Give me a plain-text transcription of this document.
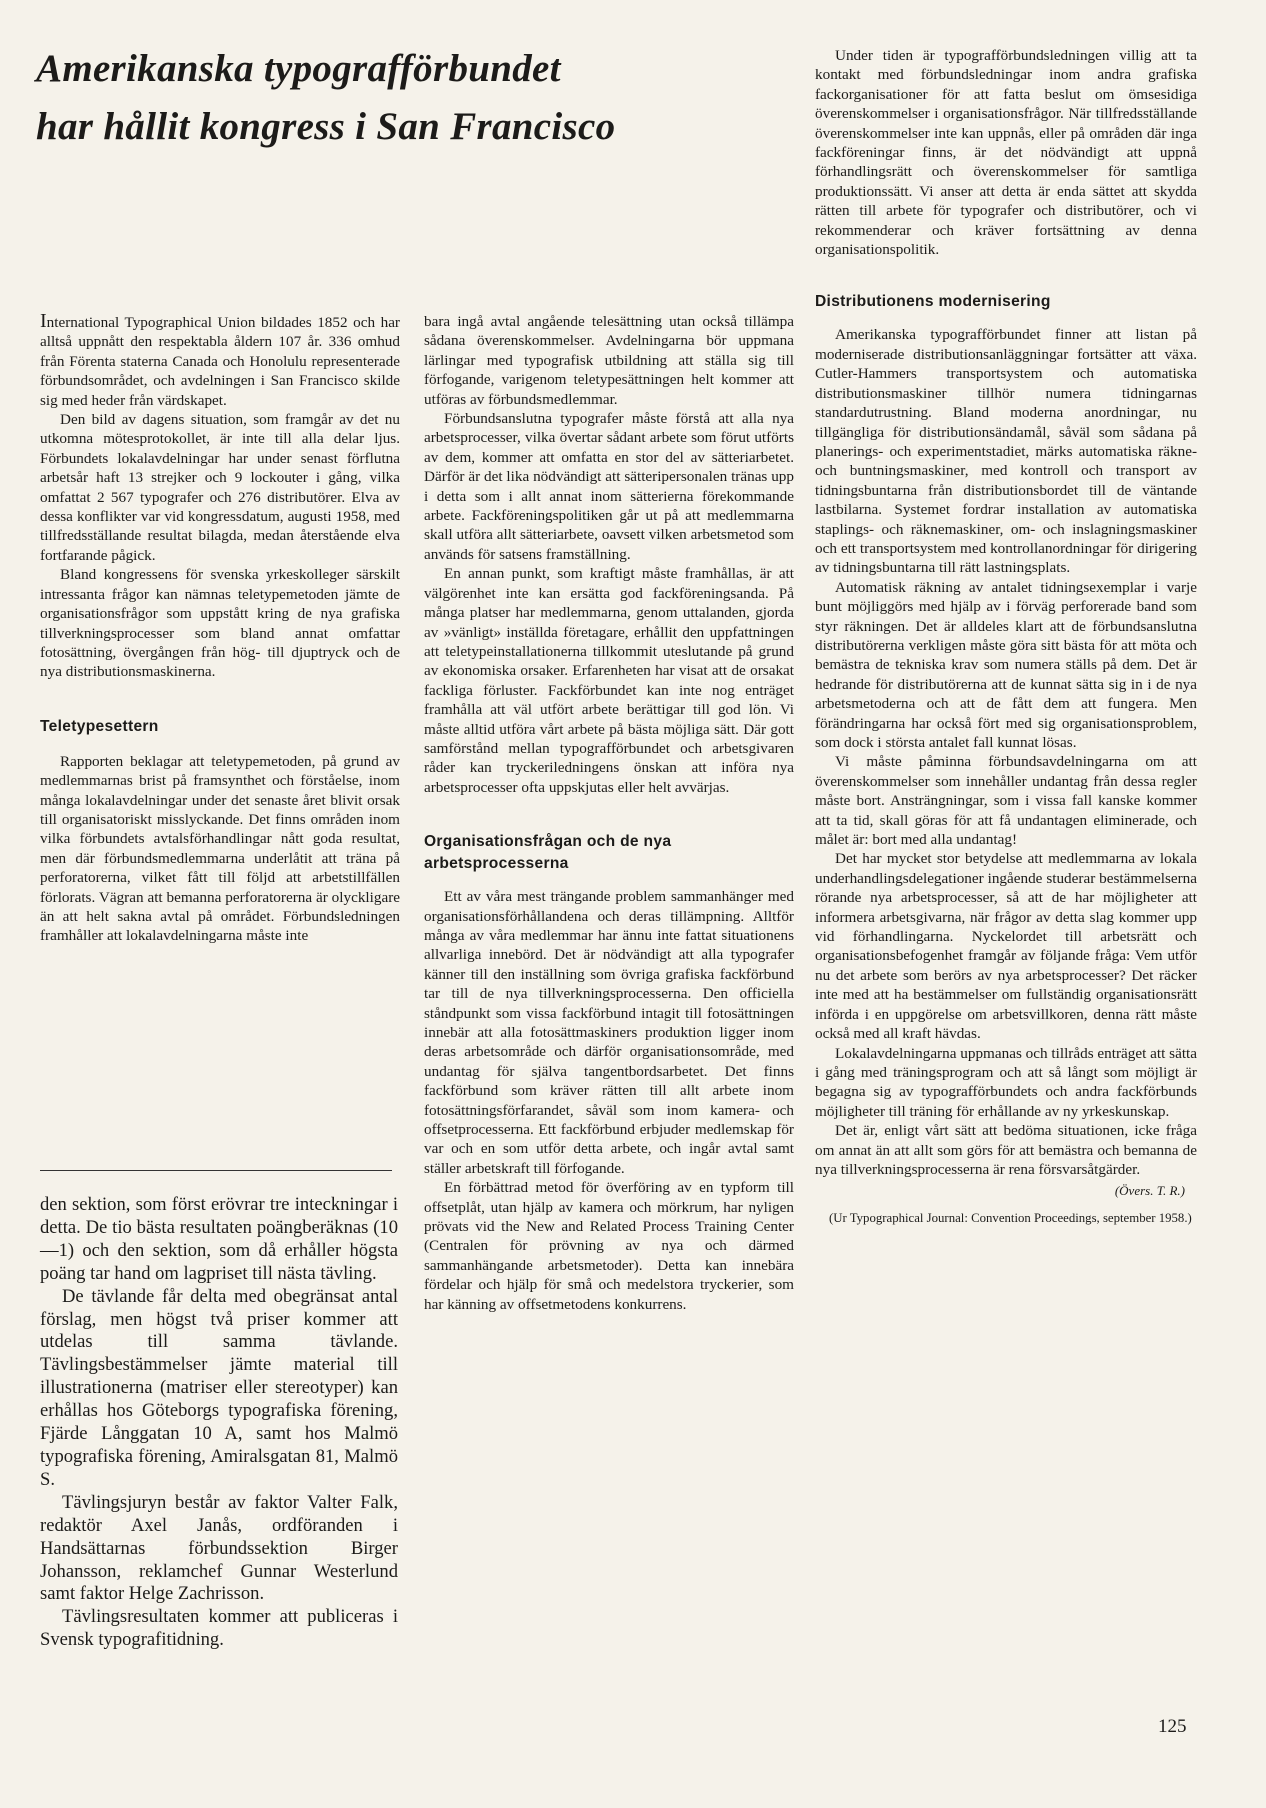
Amerikanska typografförbundet
har hållit kongress i San Francisco

International Typographical Union bildades 1852 och har alltså uppnått den respektabla åldern 107 år. 336 omhud från Förenta staterna Canada och Honolulu representerade förbundsområdet, och avdelningen i San Francisco skilde sig med heder från värdskapet.

Den bild av dagens situation, som framgår av det nu utkomna mötesprotokollet, är inte till alla delar ljus. Förbundets lokalavdelningar har under senast förflutna arbetsår haft 13 strejker och 9 lockouter i gång, vilka omfattat 2 567 typografer och 276 distributörer. Elva av dessa konflikter var vid kongressdatum, augusti 1958, med tillfredsställande resultat bilagda, medan återstående elva fortfarande pågick.

Bland kongressens för svenska yrkeskolleger särskilt intressanta frågor kan nämnas teletypemetoden jämte de organisationsfrågor som uppstått kring de nya grafiska tillverkningsprocesser som bland annat omfattar fotosättning, övergången från hög- till djuptryck och de nya distributionsmaskinerna.

Teletypesettern

Rapporten beklagar att teletypemetoden, på grund av medlemmarnas brist på framsynthet och förståelse, inom många lokalavdelningar under det senaste året blivit orsak till organisatoriskt misslyckande. Det finns områden inom vilka förbundets avtalsförhandlingar nått goda resultat, men där förbundsmedlemmarna underlåtit att träna på perforatorerna, vilket fått till följd att arbetstillfällen förlorats. Vägran att bemanna perforatorerna är olyckligare än att helt sakna avtal på området. Förbundsledningen framhåller att lokalavdelningarna måste inte

den sektion, som först erövrar tre inteckningar i detta. De tio bästa resultaten poängberäknas (10—1) och den sektion, som då erhåller högsta poäng tar hand om lagpriset till nästa tävling.

De tävlande får delta med obegränsat antal förslag, men högst två priser kommer att utdelas till samma tävlande. Tävlingsbestämmelser jämte material till illustrationerna (matriser eller stereotyper) kan erhållas hos Göteborgs typografiska förening, Fjärde Långgatan 10 A, samt hos Malmö typografiska förening, Amiralsgatan 81, Malmö S.

Tävlingsjuryn består av faktor Valter Falk, redaktör Axel Janås, ordföranden i Handsättarnas förbundssektion Birger Johansson, reklamchef Gunnar Westerlund samt faktor Helge Zachrisson.

Tävlingsresultaten kommer att publiceras i Svensk typografitidning.

bara ingå avtal angående telesättning utan också tillämpa sådana överenskommelser. Avdelningarna bör uppmana lärlingar med typografisk utbildning att ställa sig till förfogande, varigenom teletypesättningen helt kommer att utföras av förbundsmedlemmar.

Förbundsanslutna typografer måste förstå att alla nya arbetsprocesser, vilka övertar sådant arbete som förut utförts av dem, kommer att omfatta en stor del av sätteriarbetet. Därför är det lika nödvändigt att sätteripersonalen tränas upp i detta som i allt annat inom sätterierna förekommande arbete. Fackföreningspolitiken går ut på att medlemmarna skall utföra allt sätteriarbete, oavsett vilken arbetsmetod som används för satsens framställning.

En annan punkt, som kraftigt måste framhållas, är att välgörenhet inte kan ersätta god fackföreningsanda. På många platser har medlemmarna, genom uttalanden, gjorda av »vänligt» inställda företagare, erhållit den uppfattningen att teletypeinstallationerna tillkommit uteslutande på grund av ekonomiska orsaker. Erfarenheten har visat att de orsakat fackliga förluster. Fackförbundet kan inte nog enträget framhålla att väl utfört arbete berättigar till god lön. Vi måste alltid utföra vårt arbete på bästa möjliga sätt. Där gott samförstånd mellan typografförbundet och arbetsgivaren råder kan tryckeriledningens önskan att införa nya arbetsprocesser ofta uppskjutas eller helt avvärjas.

Organisationsfrågan och de nya arbetsprocesserna

Ett av våra mest trängande problem sammanhänger med organisationsförhållandena och deras tillämpning. Alltför många av våra medlemmar har ännu inte fattat situationens allvarliga innebörd. Det är nödvändigt att alla typografer känner till den inställning som övriga grafiska fackförbund tar till de nya tillverkningsprocesserna. Den officiella ståndpunkt som vissa fackförbund intagit till fotosättningen innebär att alla fotosättmaskiners produktion ligger inom deras arbetsområde och därför organisationsområde, med undantag för själva tangentbordsarbetet. Det finns fackförbund som kräver rätten till allt arbete inom fotosättningsförfarandet, såväl som inom kamera- och offsetprocesserna. Ett fackförbund erbjuder medlemskap för var och en som utför detta arbete, och ingår avtal samt ställer arbetskraft till förfogande.

En förbättrad metod för överföring av en typform till offsetplåt, utan hjälp av kamera och mörkrum, har nyligen prövats vid the New and Related Process Training Center (Centralen för prövning av nya och därmed sammanhängande arbetsmetoder). Detta kan innebära fördelar och hjälp för små och medelstora tryckerier, som har känning av offsetmetodens konkurrens.

Under tiden är typografförbundsledningen villig att ta kontakt med förbundsledningar inom andra grafiska fackorganisationer för att fatta beslut om ömsesidiga överenskommelser i organisationsfrågor. När tillfredsställande överenskommelser inte kan uppnås, eller på områden där inga fackföreningar finns, är det nödvändigt att uppnå förhandlingsrätt och överenskommelser för samtliga produktionssätt. Vi anser att detta är enda sättet att skydda rätten till arbete för typografer och distributörer, och vi rekommenderar och kräver fortsättning av denna organisationspolitik.

Distributionens modernisering

Amerikanska typografförbundet finner att listan på moderniserade distributionsanläggningar fortsätter att växa. Cutler-Hammers transportsystem och automatiska distributionsmaskiner tillhör numera tidningarnas standardutrustning. Bland moderna anordningar, nu tillgängliga för distributionsändamål, såväl som sådana på planerings- och experimentstadiet, märks automatiska räkne- och buntningsmaskiner, med kontroll och transport av tidningsbuntarna från distributionsbordet till de väntande lastbilarna. Systemet fordrar installation av automatiska staplings- och räknemaskiner, om- och inslagningsmaskiner och ett transportsystem med kontrollanordningar för dirigering av tidningsbuntarna till rätt lastningsplats.

Automatisk räkning av antalet tidningsexemplar i varje bunt möjliggörs med hjälp av i förväg perforerade band som styr räkningen. Det är alldeles klart att de förbundsanslutna distributörerna verkligen måste göra sitt bästa för att möta och bemästra de tekniska krav som numera ställs på dem. Det är hedrande för distributörerna att de kunnat sätta sig in i de nya arbetsmetoderna och att de fått dem att fungera. Men förändringarna har också fört med sig organisationsproblem, som dock i största antalet fall kunnat lösas.

Vi måste påminna förbundsavdelningarna om att överenskommelser som innehåller undantag från dessa regler måste bort. Ansträngningar, som i vissa fall kanske kommer att ta tid, skall göras för att få undantagen eliminerade, och målet är: bort med alla undantag!

Det har mycket stor betydelse att medlemmarna av lokala underhandlingsdelegationer ingående studerar bestämmelserna rörande nya arbetsprocesser, så att de har möjligheter att informera arbetsgivarna, när frågor av detta slag kommer upp vid förhandlingarna. Nyckelordet till arbetsrätt och organisationsbefogenhet framgår av följande fråga: Vem utför nu det arbete som berörs av nya arbetsprocesser? Det räcker inte med att ha bestämmelser om fullständig organisationsrätt införda i en uppgörelse om arbetsvillkoren, denna rätt måste också med all kraft hävdas.

Lokalavdelningarna uppmanas och tillråds enträget att sätta i gång med träningsprogram och att så långt som möjligt är begagna sig av typografförbundets och andra fackförbunds möjligheter till träning för erhållande av ny yrkeskunskap.

Det är, enligt vårt sätt att bedöma situationen, icke fråga om annat än att allt som görs för att bemästra och bemanna de nya tillverkningsprocesserna är rena försvarsåtgärder.

(Övers. T. R.)
(Ur Typographical Journal: Convention Proceedings, september 1958.)
125
